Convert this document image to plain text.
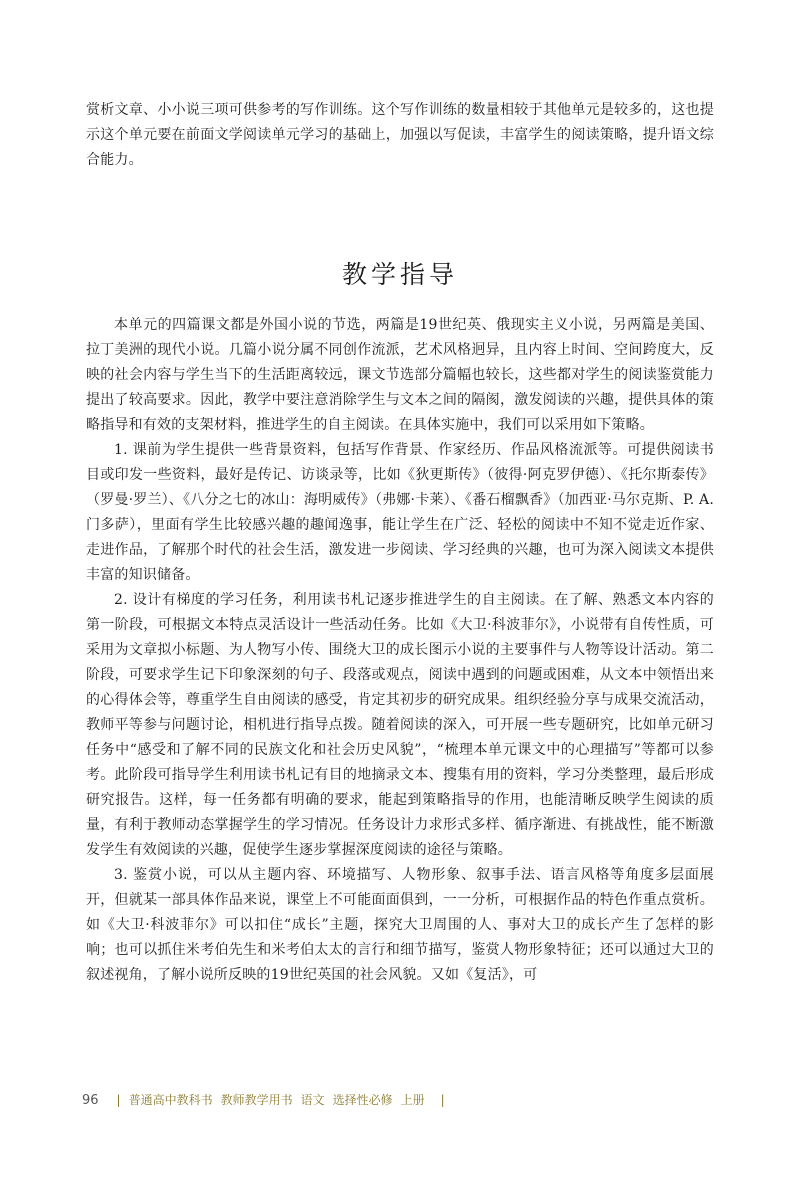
赏析文章、小小说三项可供参考的写作训练。这个写作训练的数量相较于其他单元是较多的，这也提示这个单元要在前面文学阅读单元学习的基础上，加强以写促读，丰富学生的阅读策略，提升语文综合能力。

教学指导

本单元的四篇课文都是外国小说的节选，两篇是19世纪英、俄现实主义小说，另两篇是美国、拉丁美洲的现代小说。几篇小说分属不同创作流派，艺术风格迥异，且内容上时间、空间跨度大，反映的社会内容与学生当下的生活距离较远，课文节选部分篇幅也较长，这些都对学生的阅读鉴赏能力提出了较高要求。因此，教学中要注意消除学生与文本之间的隔阂，激发阅读的兴趣，提供具体的策略指导和有效的支架材料，推进学生的自主阅读。在具体实施中，我们可以采用如下策略。

1. 课前为学生提供一些背景资料，包括写作背景、作家经历、作品风格流派等。可提供阅读书目或印发一些资料，最好是传记、访谈录等，比如《狄更斯传》（彼得·阿克罗伊德）、《托尔斯泰传》（罗曼·罗兰）、《八分之七的冰山：海明威传》（弗娜·卡莱）、《番石榴飘香》（加西亚·马尔克斯、P. A. 门多萨），里面有学生比较感兴趣的趣闻逸事，能让学生在广泛、轻松的阅读中不知不觉走近作家、走进作品，了解那个时代的社会生活，激发进一步阅读、学习经典的兴趣，也可为深入阅读文本提供丰富的知识储备。

2. 设计有梯度的学习任务，利用读书札记逐步推进学生的自主阅读。在了解、熟悉文本内容的第一阶段，可根据文本特点灵活设计一些活动任务。比如《大卫·科波菲尔》，小说带有自传性质，可采用为文章拟小标题、为人物写小传、围绕大卫的成长图示小说的主要事件与人物等设计活动。第二阶段，可要求学生记下印象深刻的句子、段落或观点，阅读中遇到的问题或困难，从文本中领悟出来的心得体会等，尊重学生自由阅读的感受，肯定其初步的研究成果。组织经验分享与成果交流活动，教师平等参与问题讨论，相机进行指导点拨。随着阅读的深入，可开展一些专题研究，比如单元研习任务中“感受和了解不同的民族文化和社会历史风貌”，“梳理本单元课文中的心理描写”等都可以参考。此阶段可指导学生利用读书札记有目的地摘录文本、搜集有用的资料，学习分类整理，最后形成研究报告。这样，每一任务都有明确的要求，能起到策略指导的作用，也能清晰反映学生阅读的质量，有利于教师动态掌握学生的学习情况。任务设计力求形式多样、循序渐进、有挑战性，能不断激发学生有效阅读的兴趣，促使学生逐步掌握深度阅读的途径与策略。

3. 鉴赏小说，可以从主题内容、环境描写、人物形象、叙事手法、语言风格等角度多层面展开，但就某一部具体作品来说，课堂上不可能面面俱到，一一分析，可根据作品的特色作重点赏析。如《大卫·科波菲尔》可以扣住“成长”主题，探究大卫周围的人、事对大卫的成长产生了怎样的影响；也可以抓住米考伯先生和米考伯太太的言行和细节描写，鉴赏人物形象特征；还可以通过大卫的叙述视角，了解小说所反映的19世纪英国的社会风貌。又如《复活》，可

96 | 普通高中教科书 教师教学用书 语文 选择性必修 上册 |
